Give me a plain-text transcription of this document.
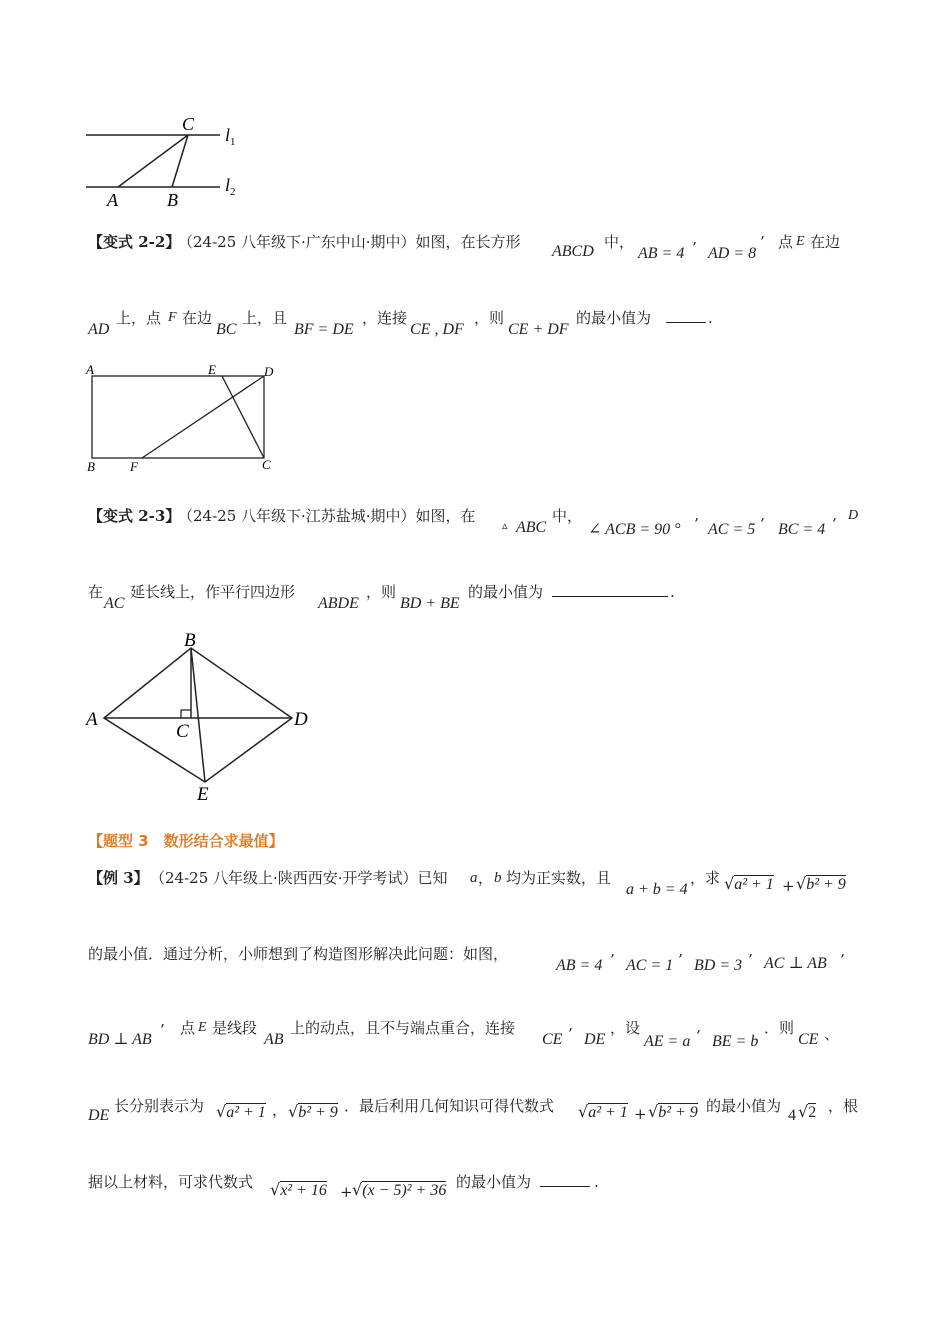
C
$l_1$
$l_2$
A	B
【变式 2-2】
（24-25 八年级下·广东中山·期中）如图，在长方形
ABCD
中，
AB = 4 ’ AD = 8
’ 点 E 在边
AD
上，点 F 在边
BC
上，且
BF = DE
，连接
CE , DF
，则
CE + DF
的最小值为	.
A	E	D
B	F	C
【变式 2-3】
（24-25 八年级下·江苏盐城·期中）如图，在
▵ ABC
中，
∠ ACB = 90 ° ’ AC = 5 ’ BC = 4 ’ D
在
AC
延长线上，作平行四边形
ABDE
，则
BD + BE
的最小值为	.
B
A
C
D
E
【题型 3　数形结合求最值】
【例 3】 （24-25 八年级上·陕西西安·开学考试）已知 a ， b 均为正实数，且
a + b = 4
，求 √a² + 1 + √b² + 9
的最小值．通过分析，小师想到了构造图形解决此问题：如图，
AB = 4 ’ AC = 1 ’ BD = 3 ’ AC ⊥ AB ’
BD ⊥ AB
’ 点 E 是线段
AB
上的动点，且不与端点重合，连接
CE ’ DE
，设
AE = a ’ BE = b
．则
CE 、
DE
长分别表示为 √a² + 1 ， √b² + 9 ．最后利用几何知识可得代数式 √a² + 1 + √b² + 9 的最小值为
4 √2 ，根
据以上材料，可求代数式 √x² + 16 + √(x − 5)² + 36 的最小值为	.
